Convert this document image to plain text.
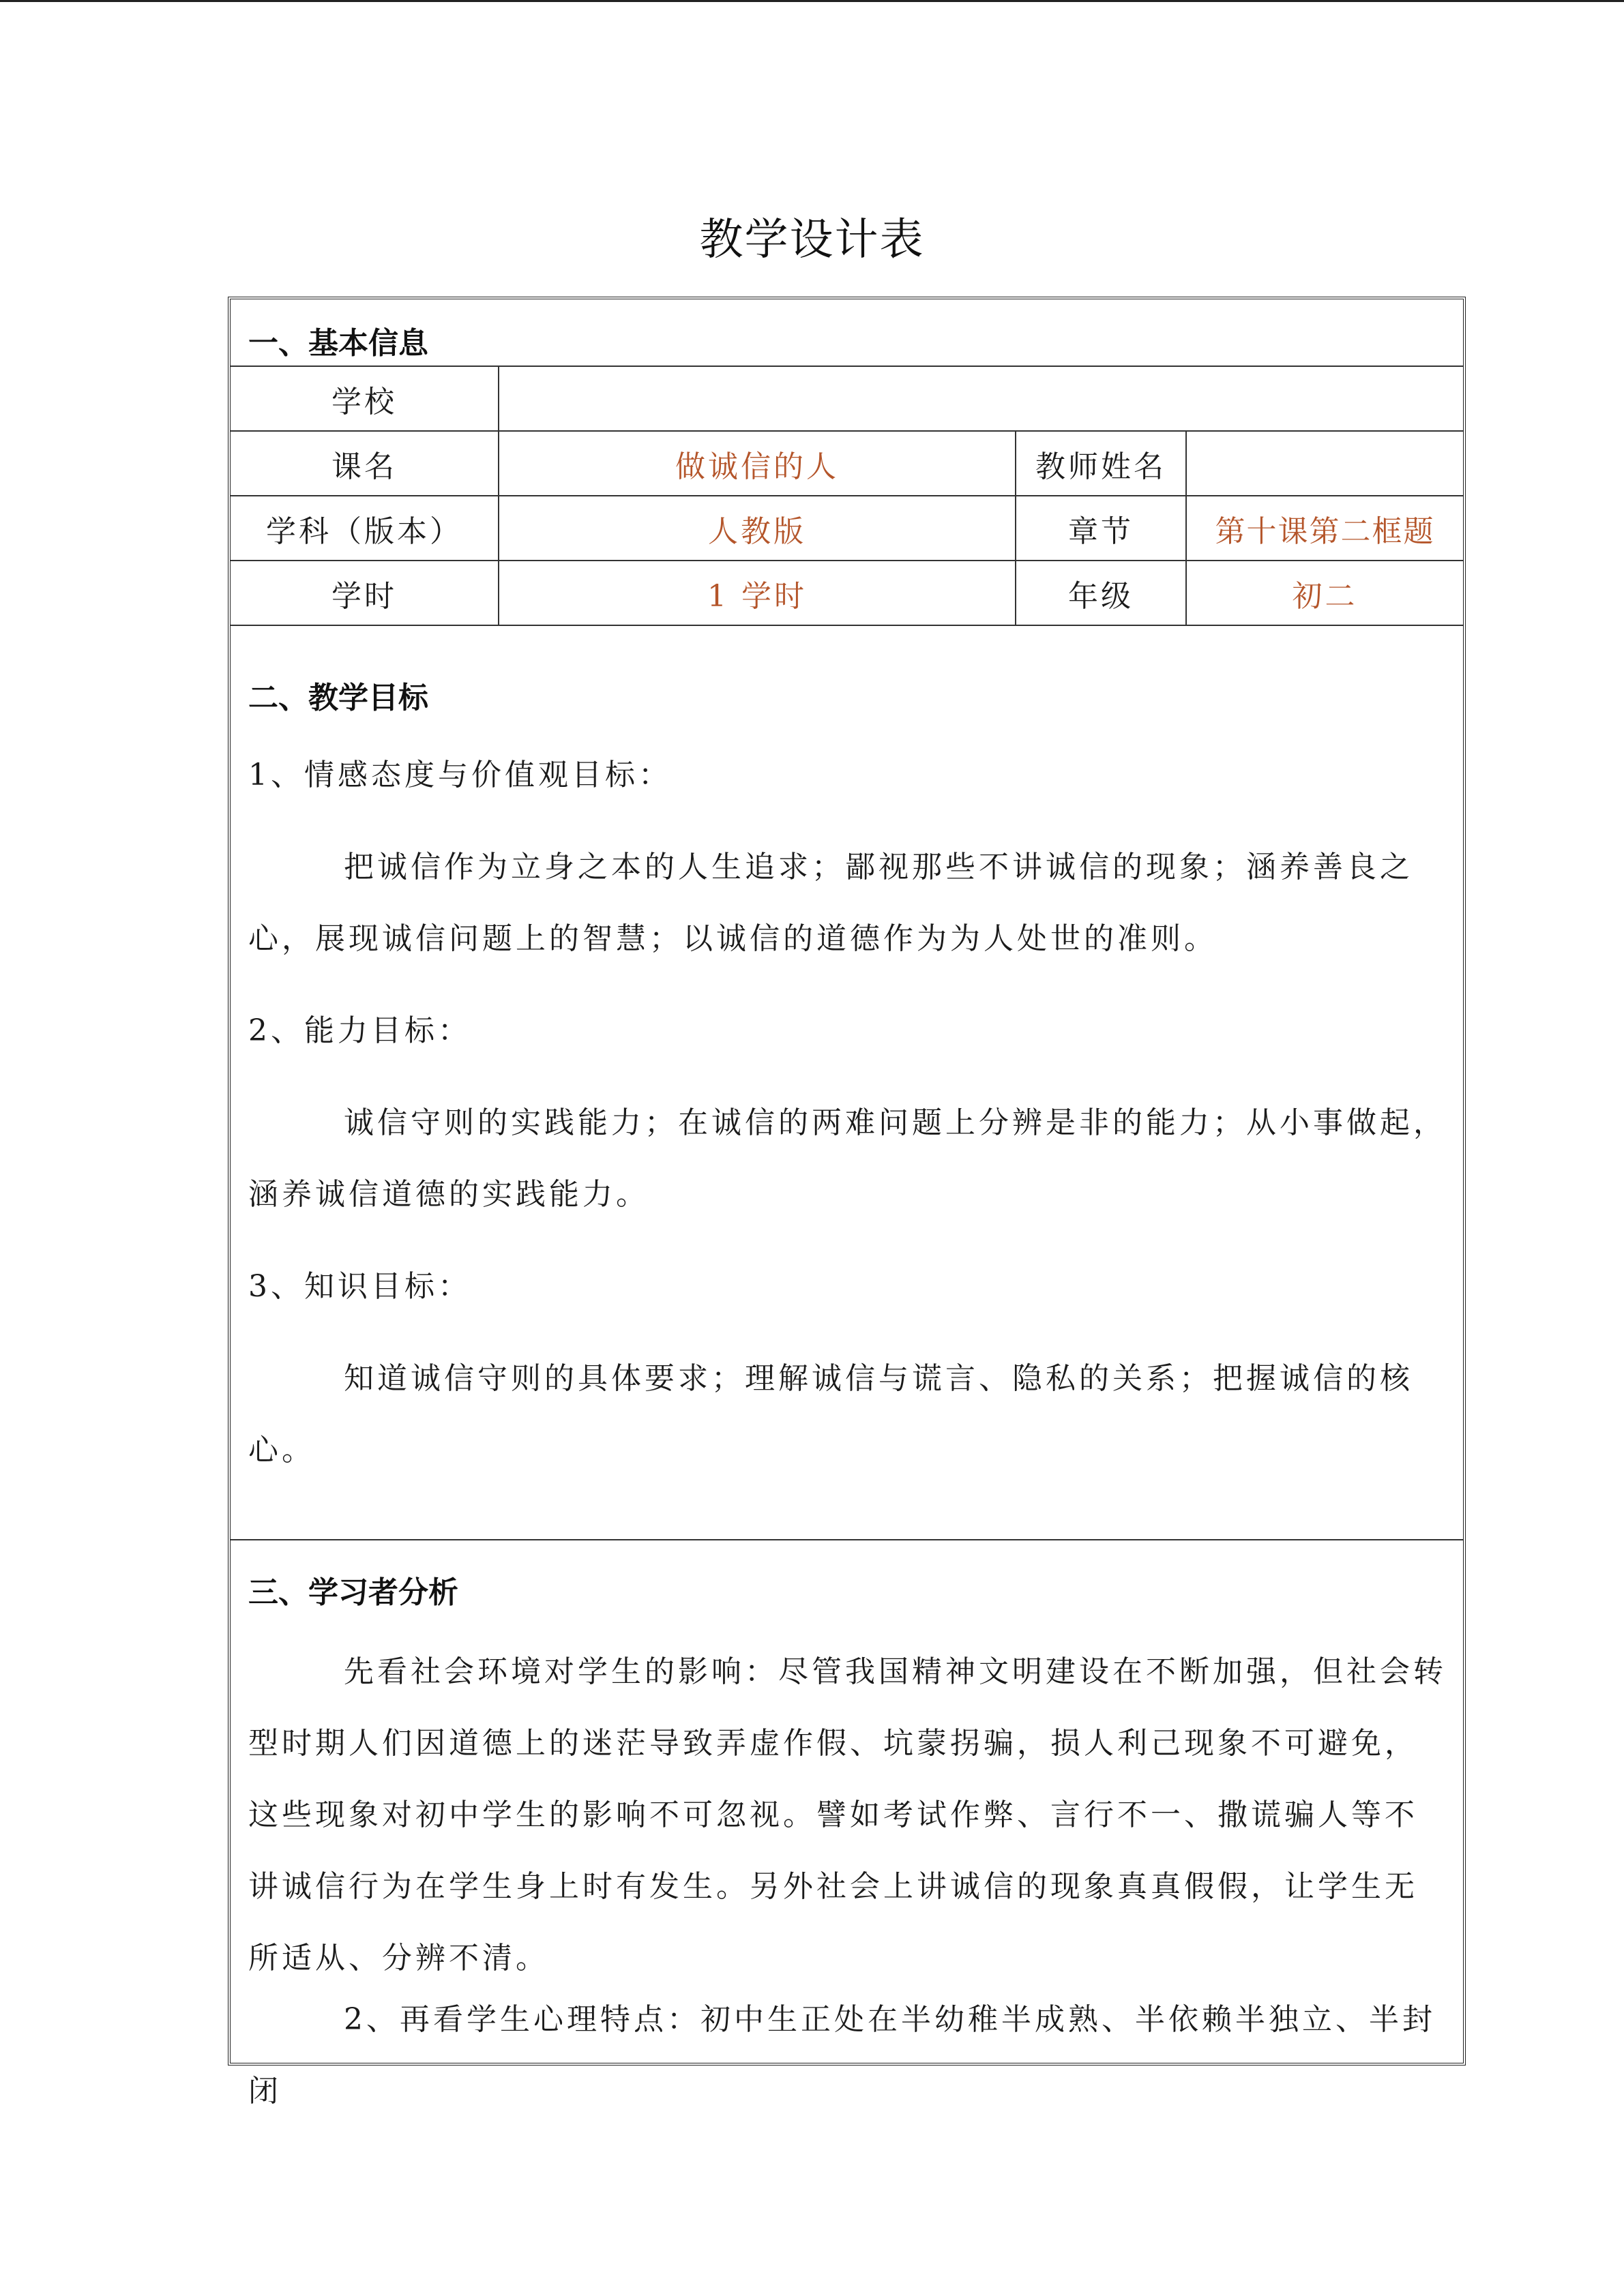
教学设计表
一、基本信息
学校
课名	做诚信的人	教师姓名
学科（版本）	人教版	章节	第十课第二框题
学时	1 学时	年级	初二
二、教学目标

1、情感态度与价值观目标：

把诚信作为立身之本的人生追求；鄙视那些不讲诚信的现象；涵养善良之心，展现诚信问题上的智慧；以诚信的道德作为为人处世的准则。

2、能力目标：

诚信守则的实践能力；在诚信的两难问题上分辨是非的能力；从小事做起，涵养诚信道德的实践能力。

3、知识目标：

知道诚信守则的具体要求；理解诚信与谎言、隐私的关系；把握诚信的核心。

三、学习者分析

先看社会环境对学生的影响：尽管我国精神文明建设在不断加强，但社会转型时期人们因道德上的迷茫导致弄虚作假、坑蒙拐骗，损人利己现象不可避免，这些现象对初中学生的影响不可忽视。譬如考试作弊、言行不一、撒谎骗人等不讲诚信行为在学生身上时有发生。另外社会上讲诚信的现象真真假假，让学生无所适从、分辨不清。

2、再看学生心理特点：初中生正处在半幼稚半成熟、半依赖半独立、半封闭
